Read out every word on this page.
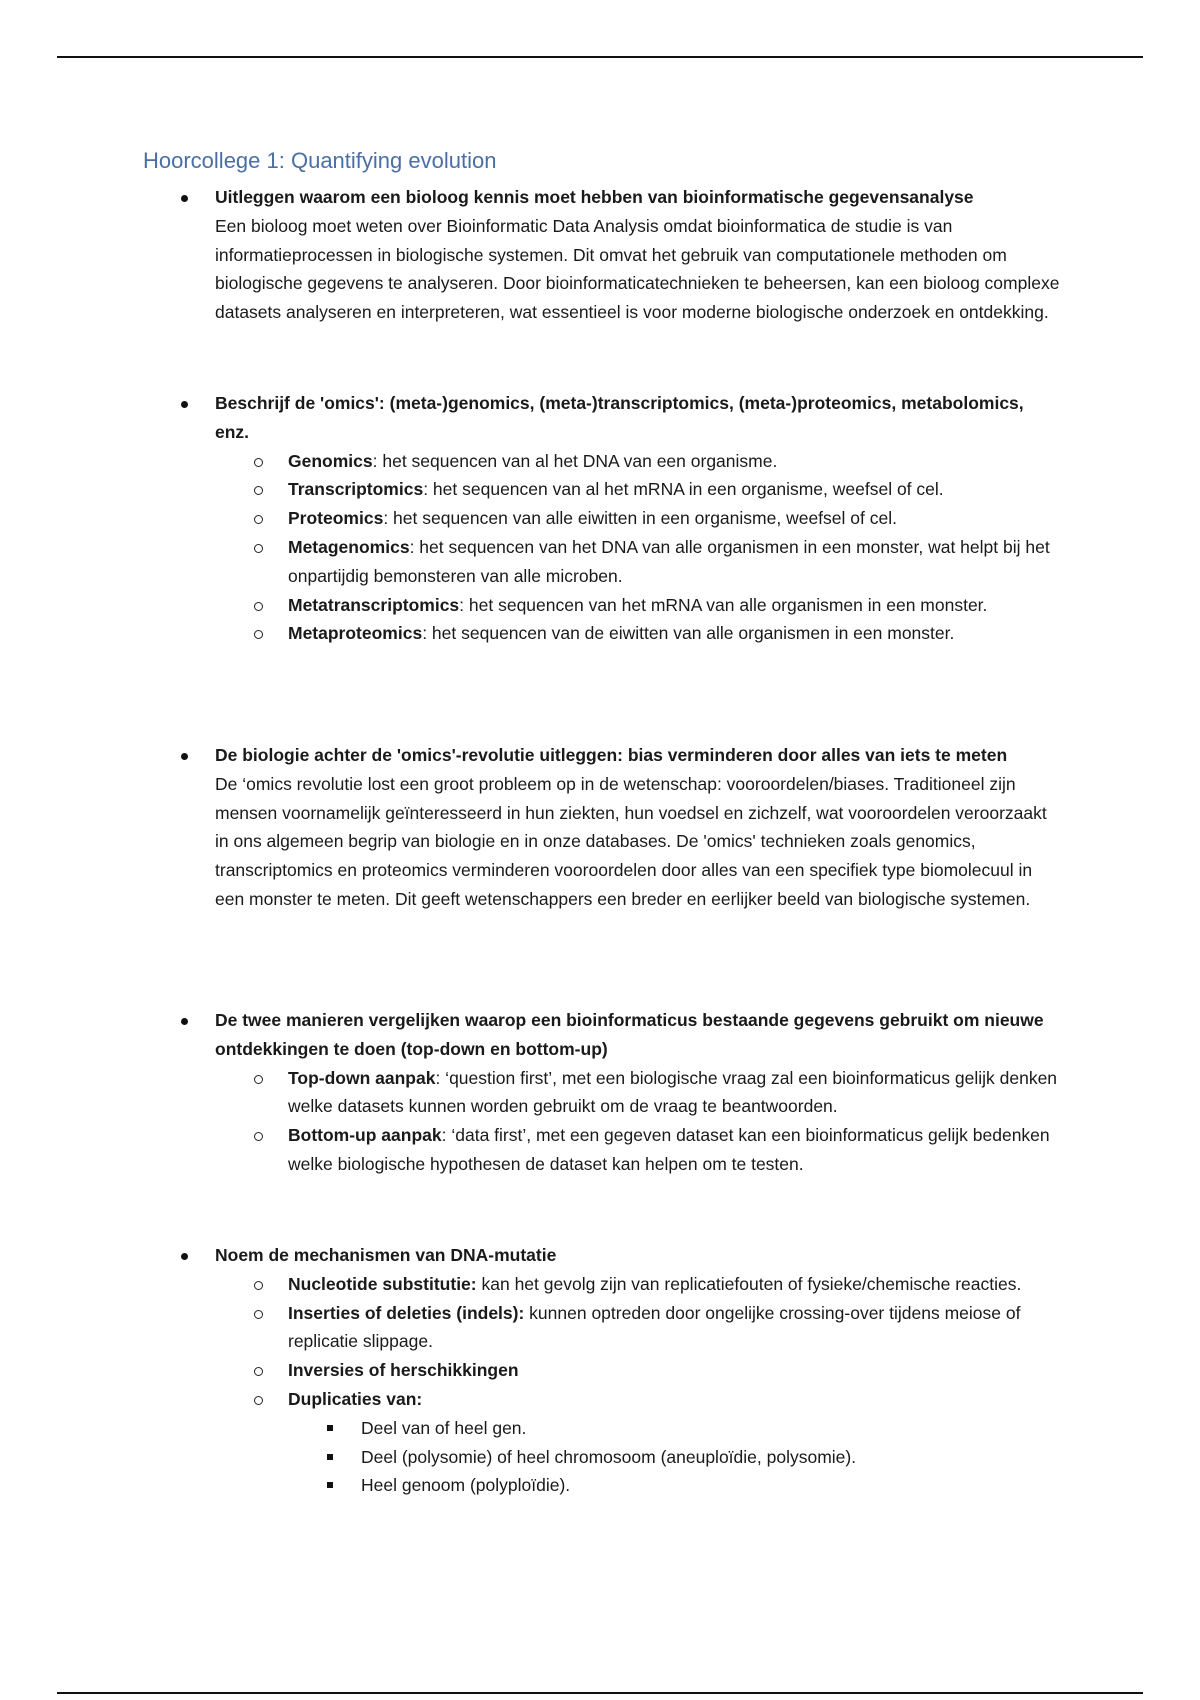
Hoorcollege 1: Quantifying evolution
Uitleggen waarom een bioloog kennis moet hebben van bioinformatische gegevensanalyse
Een bioloog moet weten over Bioinformatic Data Analysis omdat bioinformatica de studie is van informatieprocessen in biologische systemen. Dit omvat het gebruik van computationele methoden om biologische gegevens te analyseren. Door bioinformaticatechnieken te beheersen, kan een bioloog complexe datasets analyseren en interpreteren, wat essentieel is voor moderne biologische onderzoek en ontdekking.
Beschrijf de 'omics': (meta-)genomics, (meta-)transcriptomics, (meta-)proteomics, metabolomics, enz.
Genomics: het sequencen van al het DNA van een organisme.
Transcriptomics: het sequencen van al het mRNA in een organisme, weefsel of cel.
Proteomics: het sequencen van alle eiwitten in een organisme, weefsel of cel.
Metagenomics: het sequencen van het DNA van alle organismen in een monster, wat helpt bij het onpartijdig bemonsteren van alle microben.
Metatranscriptomics: het sequencen van het mRNA van alle organismen in een monster.
Metaproteomics: het sequencen van de eiwitten van alle organismen in een monster.
De biologie achter de 'omics'-revolutie uitleggen: bias verminderen door alles van iets te meten
De ‘omics revolutie lost een groot probleem op in de wetenschap: vooroordelen/biases. Traditioneel zijn mensen voornamelijk geïnteresseerd in hun ziekten, hun voedsel en zichzelf, wat vooroordelen veroorzaakt in ons algemeen begrip van biologie en in onze databases. De 'omics' technieken zoals genomics, transcriptomics en proteomics verminderen vooroordelen door alles van een specifiek type biomolecuul in een monster te meten. Dit geeft wetenschappers een breder en eerlijker beeld van biologische systemen.
De twee manieren vergelijken waarop een bioinformaticus bestaande gegevens gebruikt om nieuwe ontdekkingen te doen (top-down en bottom-up)
Top-down aanpak: ‘question first’, met een biologische vraag zal een bioinformaticus gelijk denken welke datasets kunnen worden gebruikt om de vraag te beantwoorden.
Bottom-up aanpak: ‘data first’, met een gegeven dataset kan een bioinformaticus gelijk bedenken welke biologische hypothesen de dataset kan helpen om te testen.
Noem de mechanismen van DNA-mutatie
Nucleotide substitutie: kan het gevolg zijn van replicatiefouten of fysieke/chemische reacties.
Inserties of deleties (indels): kunnen optreden door ongelijke crossing-over tijdens meiose of replicatie slippage.
Inversies of herschikkingen
Duplicaties van:
Deel van of heel gen.
Deel (polysomie) of heel chromosoom (aneuploïdie, polysomie).
Heel genoom (polyploïdie).
